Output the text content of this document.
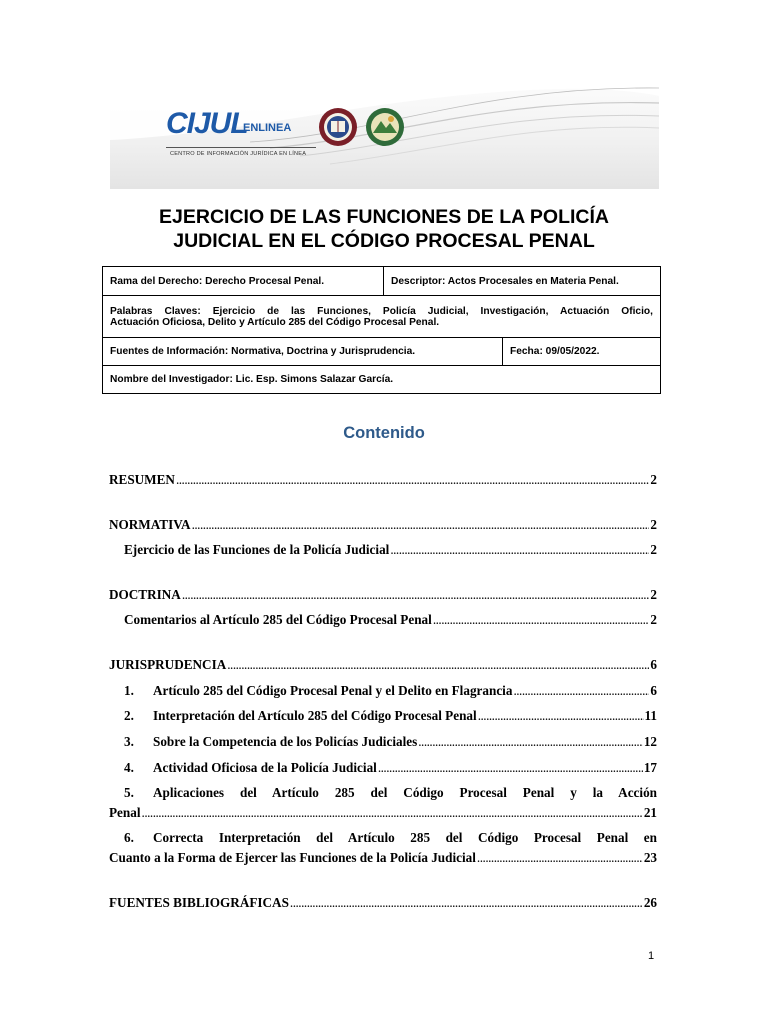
CIJUL
ENLINEA
CENTRO DE INFORMACIÓN JURÍDICA EN LÍNEA
EJERCICIO DE LAS FUNCIONES DE LA POLICÍA
JUDICIAL EN EL CÓDIGO PROCESAL PENAL
Rama del Derecho: Derecho Procesal Penal.	Descriptor: Actos Procesales en Materia Penal.	

Palabras Claves: Ejercicio de las Funciones, Policía Judicial, Investigación, Actuación Oficio,
Actuación Oficiosa, Delito y Artículo 285 del Código Procesal Penal.		

Fuentes de Información: Normativa, Doctrina y Jurisprudencia.		Fecha: 09/05/2022.
Nombre del Investigador: Lic. Esp. Simons Salazar García.		
Contenido
RESUMEN .....	2
NORMATIVA .....	2
Ejercicio de las Funciones de la Policía Judicial .....	2
DOCTRINA .....	2
Comentarios al Artículo 285 del Código Procesal Penal .....	2
JURISPRUDENCIA .....	6
1.	Artículo 285 del Código Procesal Penal y el Delito en Flagrancia .....	6
2.	Interpretación del Artículo 285 del Código Procesal Penal .....	11
3.	Sobre la Competencia de los Policías Judiciales .....	12
4.	Actividad Oficiosa de la Policía Judicial .....	17
5. Aplicaciones del Artículo 285 del Código Procesal Penal y la Acción
Penal .....	21
6. Correcta Interpretación del Artículo 285 del Código Procesal Penal en
Cuanto a la Forma de Ejercer las Funciones de la Policía Judicial .....	23
FUENTES BIBLIOGRÁFICAS .....	26
1
